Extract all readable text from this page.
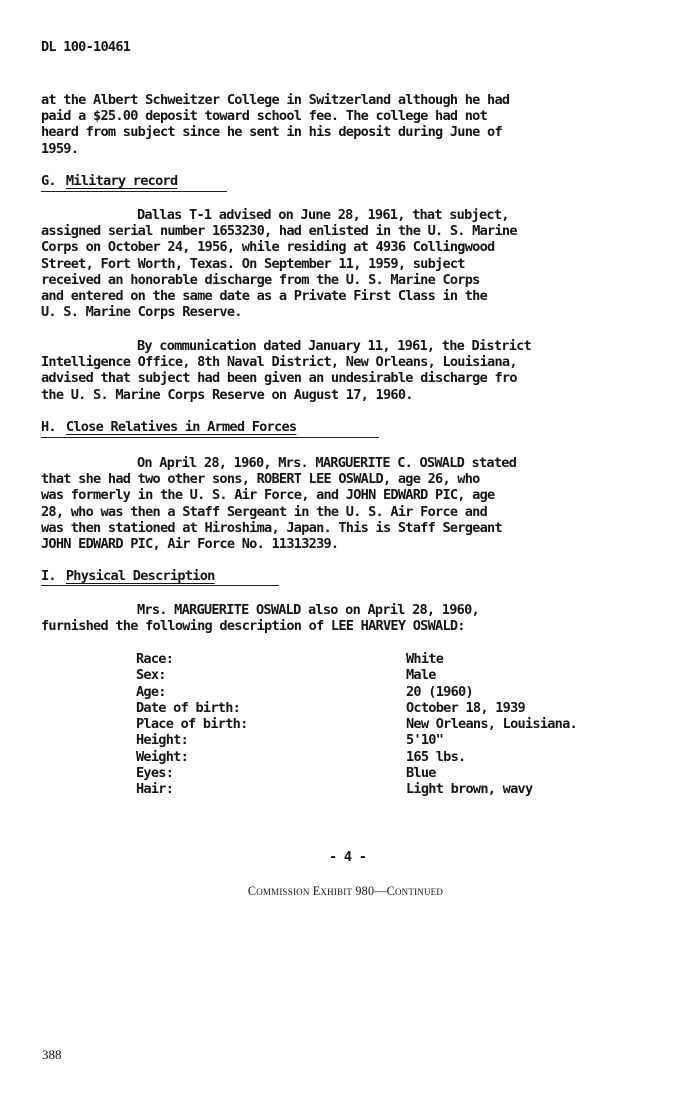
DL 100-10461
at the Albert Schweitzer College in Switzerland although he had
paid a $25.00 deposit toward school fee. The college had not
heard from subject since he sent in his deposit during June of
1959.
G. Military record
Dallas T-1 advised on June 28, 1961, that subject,
assigned serial number 1653230, had enlisted in the U. S. Marine
Corps on October 24, 1956, while residing at 4936 Collingwood
Street, Fort Worth, Texas. On September 11, 1959, subject
received an honorable discharge from the U. S. Marine Corps
and entered on the same date as a Private First Class in the
U. S. Marine Corps Reserve.
By communication dated January 11, 1961, the District
Intelligence Office, 8th Naval District, New Orleans, Louisiana,
advised that subject had been given an undesirable discharge fro
the U. S. Marine Corps Reserve on August 17, 1960.
H. Close Relatives in Armed Forces
On April 28, 1960, Mrs. MARGUERITE C. OSWALD stated
that she had two other sons, ROBERT LEE OSWALD, age 26, who
was formerly in the U. S. Air Force, and JOHN EDWARD PIC, age
28, who was then a Staff Sergeant in the U. S. Air Force and
was then stationed at Hiroshima, Japan. This is Staff Sergeant
JOHN EDWARD PIC, Air Force No. 11313239.
I. Physical Description
Mrs. MARGUERITE OSWALD also on April 28, 1960,
furnished the following description of LEE HARVEY OSWALD:
Race:	White
Sex:	Male
Age:	20 (1960)
Date of birth:	October 18, 1939
Place of birth:	New Orleans, Louisiana.
Height:	5'10"
Weight:	165 lbs.
Eyes:	Blue
Hair:	Light brown, wavy
- 4 -
Commission Exhibit 980—Continued
388
